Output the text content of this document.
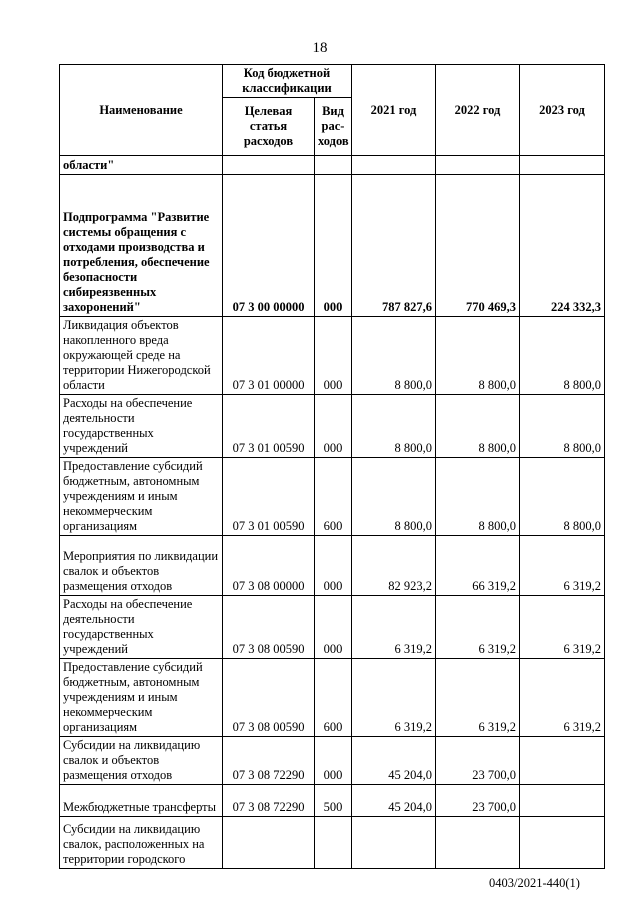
18
Наименование	Код бюджетной классификации		2021 год	2022 год	2023 год
	Целевая статья расходов	Вид рас-ходов			
области"					
Подпрограмма "Развитие системы обращения с отходами производства и потребления, обеспечение безопасности сибиреязвенных захоронений"	07 3 00 00000	000	787 827,6	770 469,3	224 332,3
Ликвидация объектов накопленного вреда окружающей среде на территории Нижегородской области	07 3 01 00000	000	8 800,0	8 800,0	8 800,0
Расходы на обеспечение деятельности государственных учреждений	07 3 01 00590	000	8 800,0	8 800,0	8 800,0
Предоставление субсидий бюджетным, автономным учреждениям и иным некоммерческим организациям	07 3 01 00590	600	8 800,0	8 800,0	8 800,0
Мероприятия по ликвидации свалок и объектов размещения отходов	07 3 08 00000	000	82 923,2	66 319,2	6 319,2
Расходы на обеспечение деятельности государственных учреждений	07 3 08 00590	000	6 319,2	6 319,2	6 319,2
Предоставление субсидий бюджетным, автономным учреждениям и иным некоммерческим организациям	07 3 08 00590	600	6 319,2	6 319,2	6 319,2
Субсидии на ликвидацию свалок и объектов размещения отходов	07 3 08 72290	000	45 204,0	23 700,0	
Межбюджетные трансферты	07 3 08 72290	500	45 204,0	23 700,0	
Субсидии на ликвидацию свалок, расположенных на территории городского					
0403/2021-440(1)
